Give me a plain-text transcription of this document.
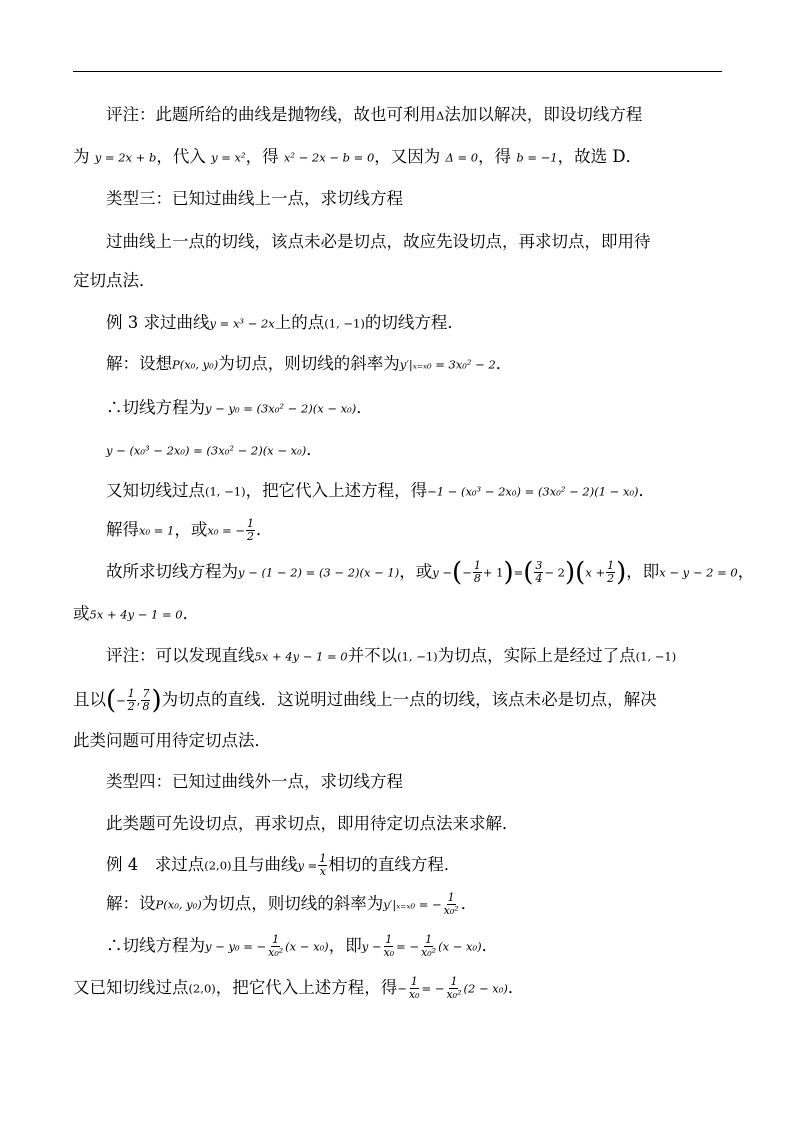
评注：此题所给的曲线是抛物线，故也可利用Δ法加以解决，即设切线方程
为 y = 2x + b，代入 y = x²，得 x² − 2x − b = 0，又因为 Δ = 0，得 b = −1，故选 D．
类型三：已知过曲线上一点，求切线方程
过曲线上一点的切线，该点未必是切点，故应先设切点，再求切点，即用待
定切点法．
例 3 求过曲线y = x³ − 2x上的点(1, −1)的切线方程．
解：设想P(x₀, y₀)为切点，则切线的斜率为y′|ₓ₌ₓ₀ = 3x₀² − 2．
∴切线方程为y − y₀ = (3x₀² − 2)(x − x₀)．
y − (x₀³ − 2x₀) = (3x₀² − 2)(x − x₀)．
又知切线过点(1, −1)，把它代入上述方程，得−1 − (x₀³ − 2x₀) = (3x₀² − 2)(1 − x₀)．
解得x₀ = 1，或x₀ = − $\frac{1}{2}$ ．
故所求切线方程为y − (1 − 2) = (3 − 2)(x − 1)，或y −(− $\frac{1}{8} + 1)=( \frac{3}{4} - 2)(x + \frac{1}{2}$ )，即x − y − 2 = 0，
或5x + 4y − 1 = 0．
评注：可以发现直线5x + 4y − 1 = 0并不以(1, −1)为切点，实际上是经过了点(1, −1)
且以(− $\frac{1}{2}$ , $\frac{7}{8}$ )为切点的直线．这说明过曲线上一点的切线，该点未必是切点，解决
此类问题可用待定切点法．
类型四：已知过曲线外一点，求切线方程
此类题可先设切点，再求切点，即用待定切点法来求解．
例 4　求过点(2,0)且与曲线$y = \frac{1}{x}$ 相切的直线方程．
解：设P(x₀, y₀)为切点，则切线的斜率为y′|ₓ₌ₓ₀ = − $\frac{1}{\text{x₀²}}$ ．
∴切线方程为y − y₀ = − $\frac{1}{\text{x₀²}} (x - x_0)$，即$y - \frac{1}{\text{x₀}}$ = − $\frac{1}{\text{x₀²}} (x - x_0)$．
又已知切线过点(2,0)，把它代入上述方程，得− $\frac{1}{\text{x₀}}$ = − $\frac{1}{\text{x₀²}} (2 - x_0)$．
